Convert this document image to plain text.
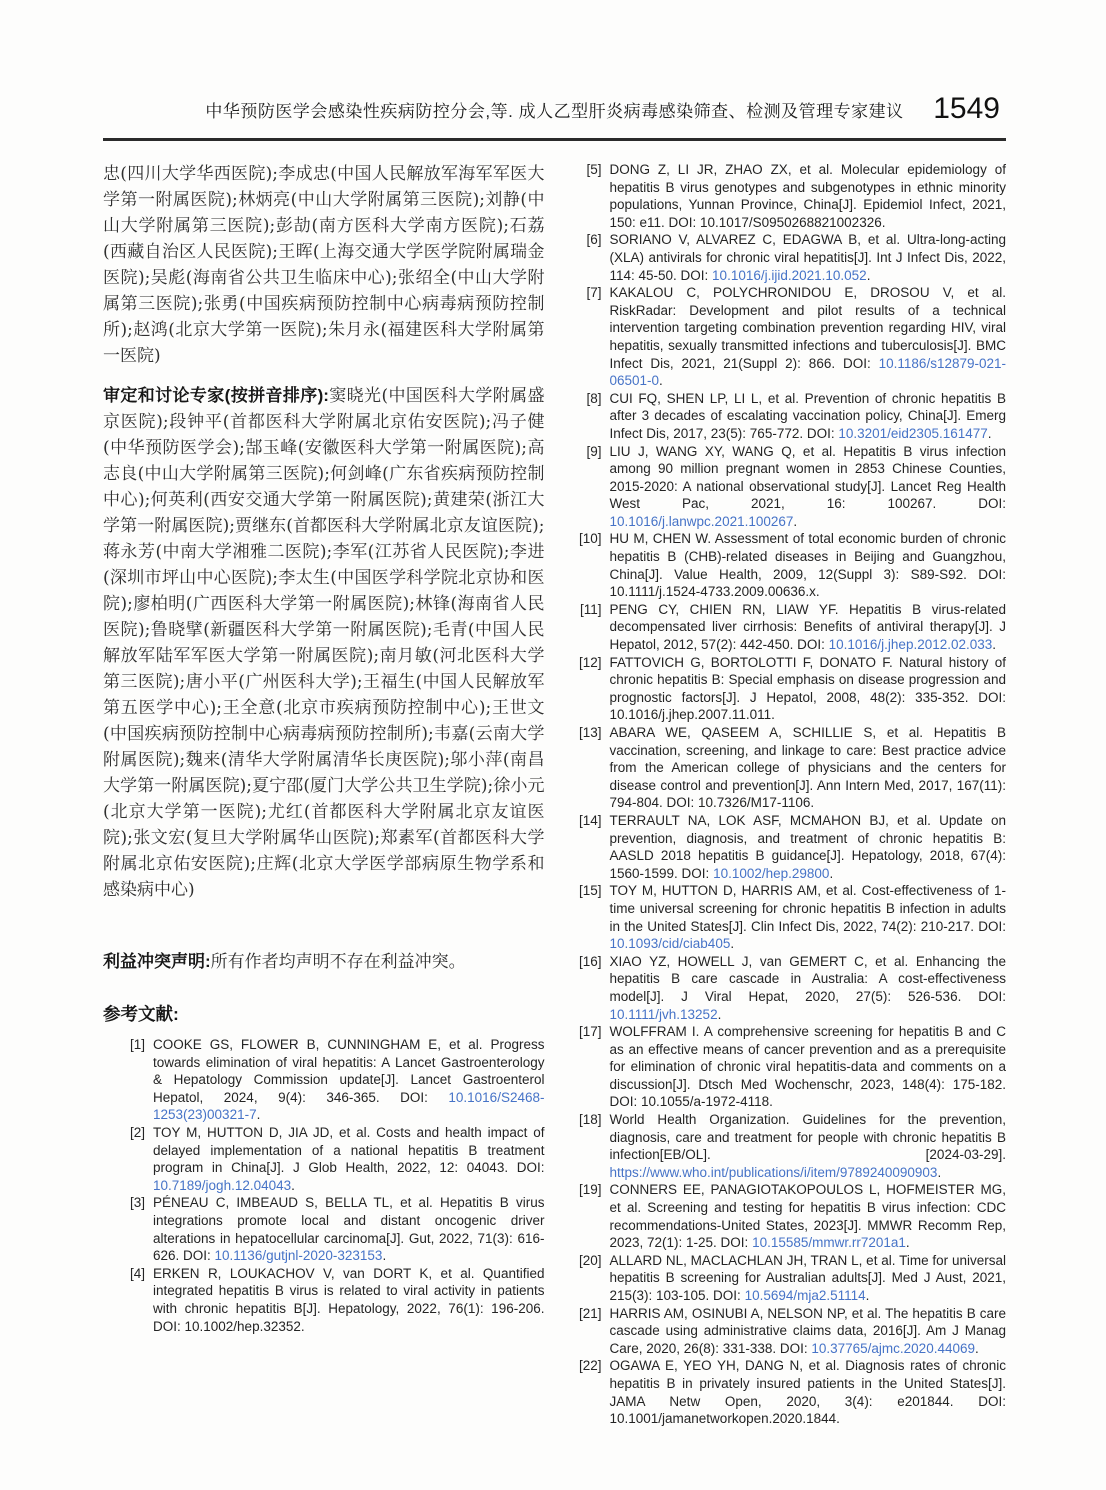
中华预防医学会感染性疾病防控分会,等. 成人乙型肝炎病毒感染筛查、检测及管理专家建议 1549

忠(四川大学华西医院);李成忠(中国人民解放军海军军医大学第一附属医院);林炳亮(中山大学附属第三医院);刘静(中山大学附属第三医院);彭劼(南方医科大学南方医院);石荔(西藏自治区人民医院);王晖(上海交通大学医学院附属瑞金医院);吴彪(海南省公共卫生临床中心);张绍全(中山大学附属第三医院);张勇(中国疾病预防控制中心病毒病预防控制所);赵鸿(北京大学第一医院);朱月永(福建医科大学附属第一医院)

审定和讨论专家(按拼音排序):窦晓光(中国医科大学附属盛京医院);段钟平(首都医科大学附属北京佑安医院);冯子健(中华预防医学会);郜玉峰(安徽医科大学第一附属医院);高志良(中山大学附属第三医院);何剑峰(广东省疾病预防控制中心);何英利(西安交通大学第一附属医院);黄建荣(浙江大学第一附属医院);贾继东(首都医科大学附属北京友谊医院);蒋永芳(中南大学湘雅二医院);李军(江苏省人民医院);李进(深圳市坪山中心医院);李太生(中国医学科学院北京协和医院);廖柏明(广西医科大学第一附属医院);林锋(海南省人民医院);鲁晓擘(新疆医科大学第一附属医院);毛青(中国人民解放军陆军军医大学第一附属医院);南月敏(河北医科大学第三医院);唐小平(广州医科大学);王福生(中国人民解放军第五医学中心);王全意(北京市疾病预防控制中心);王世文(中国疾病预防控制中心病毒病预防控制所);韦嘉(云南大学附属医院);魏来(清华大学附属清华长庚医院);邬小萍(南昌大学第一附属医院);夏宁邵(厦门大学公共卫生学院);徐小元(北京大学第一医院);尤红(首都医科大学附属北京友谊医院);张文宏(复旦大学附属华山医院);郑素军(首都医科大学附属北京佑安医院);庄辉(北京大学医学部病原生物学系和感染病中心)

利益冲突声明:所有作者均声明不存在利益冲突。

参考文献:
[1] COOKE GS, FLOWER B, CUNNINGHAM E, et al. Progress towards elimination of viral hepatitis: A Lancet Gastroenterology & Hepatology Commission update[J]. Lancet Gastroenterol Hepatol, 2024, 9(4): 346-365. DOI: 10.1016/S2468-1253(23)00321-7.
[2] TOY M, HUTTON D, JIA JD, et al. Costs and health impact of delayed implementation of a national hepatitis B treatment program in China[J]. J Glob Health, 2022, 12: 04043. DOI: 10.7189/jogh.12.04043.
[3] PÉNEAU C, IMBEAUD S, BELLA TL, et al. Hepatitis B virus integrations promote local and distant oncogenic driver alterations in hepatocellular carcinoma[J]. Gut, 2022, 71(3): 616-626. DOI: 10.1136/gutjnl-2020-323153.
[4] ERKEN R, LOUKACHOV V, van DORT K, et al. Quantified integrated hepatitis B virus is related to viral activity in patients with chronic hepatitis B[J]. Hepatology, 2022, 76(1): 196-206. DOI: 10.1002/hep.32352.
[5] DONG Z, LI JR, ZHAO ZX, et al. Molecular epidemiology of hepatitis B virus genotypes and subgenotypes in ethnic minority populations, Yunnan Province, China[J]. Epidemiol Infect, 2021, 150: e11. DOI: 10.1017/S0950268821002326.
[6] SORIANO V, ALVAREZ C, EDAGWA B, et al. Ultra-long-acting (XLA) antivirals for chronic viral hepatitis[J]. Int J Infect Dis, 2022, 114: 45-50. DOI: 10.1016/j.ijid.2021.10.052.
[7] KAKALOU C, POLYCHRONIDOU E, DROSOU V, et al. RiskRadar: Development and pilot results of a technical intervention targeting combination prevention regarding HIV, viral hepatitis, sexually transmitted infections and tuberculosis[J]. BMC Infect Dis, 2021, 21(Suppl 2): 866. DOI: 10.1186/s12879-021-06501-0.
[8] CUI FQ, SHEN LP, LI L, et al. Prevention of chronic hepatitis B after 3 decades of escalating vaccination policy, China[J]. Emerg Infect Dis, 2017, 23(5): 765-772. DOI: 10.3201/eid2305.161477.
[9] LIU J, WANG XY, WANG Q, et al. Hepatitis B virus infection among 90 million pregnant women in 2853 Chinese Counties, 2015-2020: A national observational study[J]. Lancet Reg Health West Pac, 2021, 16: 100267. DOI: 10.1016/j.lanwpc.2021.100267.
[10] HU M, CHEN W. Assessment of total economic burden of chronic hepatitis B (CHB)-related diseases in Beijing and Guangzhou, China[J]. Value Health, 2009, 12(Suppl 3): S89-S92. DOI: 10.1111/j.1524-4733.2009.00636.x.
[11] PENG CY, CHIEN RN, LIAW YF. Hepatitis B virus-related decompensated liver cirrhosis: Benefits of antiviral therapy[J]. J Hepatol, 2012, 57(2): 442-450. DOI: 10.1016/j.jhep.2012.02.033.
[12] FATTOVICH G, BORTOLOTTI F, DONATO F. Natural history of chronic hepatitis B: Special emphasis on disease progression and prognostic factors[J]. J Hepatol, 2008, 48(2): 335-352. DOI: 10.1016/j.jhep.2007.11.011.
[13] ABARA WE, QASEEM A, SCHILLIE S, et al. Hepatitis B vaccination, screening, and linkage to care: Best practice advice from the American college of physicians and the centers for disease control and prevention[J]. Ann Intern Med, 2017, 167(11): 794-804. DOI: 10.7326/M17-1106.
[14] TERRAULT NA, LOK ASF, MCMAHON BJ, et al. Update on prevention, diagnosis, and treatment of chronic hepatitis B: AASLD 2018 hepatitis B guidance[J]. Hepatology, 2018, 67(4): 1560-1599. DOI: 10.1002/hep.29800.
[15] TOY M, HUTTON D, HARRIS AM, et al. Cost-effectiveness of 1-time universal screening for chronic hepatitis B infection in adults in the United States[J]. Clin Infect Dis, 2022, 74(2): 210-217. DOI: 10.1093/cid/ciab405.
[16] XIAO YZ, HOWELL J, van GEMERT C, et al. Enhancing the hepatitis B care cascade in Australia: A cost-effectiveness model[J]. J Viral Hepat, 2020, 27(5): 526-536. DOI: 10.1111/jvh.13252.
[17] WOLFFRAM I. A comprehensive screening for hepatitis B and C as an effective means of cancer prevention and as a prerequisite for elimination of chronic viral hepatitis-data and comments on a discussion[J]. Dtsch Med Wochenschr, 2023, 148(4): 175-182. DOI: 10.1055/a-1972-4118.
[18] World Health Organization. Guidelines for the prevention, diagnosis, care and treatment for people with chronic hepatitis B infection[EB/OL]. [2024-03-29]. https://www.who.int/publications/i/item/9789240090903.
[19] CONNERS EE, PANAGIOTAKOPOULOS L, HOFMEISTER MG, et al. Screening and testing for hepatitis B virus infection: CDC recommendations-United States, 2023[J]. MMWR Recomm Rep, 2023, 72(1): 1-25. DOI: 10.15585/mmwr.rr7201a1.
[20] ALLARD NL, MACLACHLAN JH, TRAN L, et al. Time for universal hepatitis B screening for Australian adults[J]. Med J Aust, 2021, 215(3): 103-105. DOI: 10.5694/mja2.51114.
[21] HARRIS AM, OSINUBI A, NELSON NP, et al. The hepatitis B care cascade using administrative claims data, 2016[J]. Am J Manag Care, 2020, 26(8): 331-338. DOI: 10.37765/ajmc.2020.44069.
[22] OGAWA E, YEO YH, DANG N, et al. Diagnosis rates of chronic hepatitis B in privately insured patients in the United States[J]. JAMA Netw Open, 2020, 3(4): e201844. DOI: 10.1001/jamanetworkopen.2020.1844.
